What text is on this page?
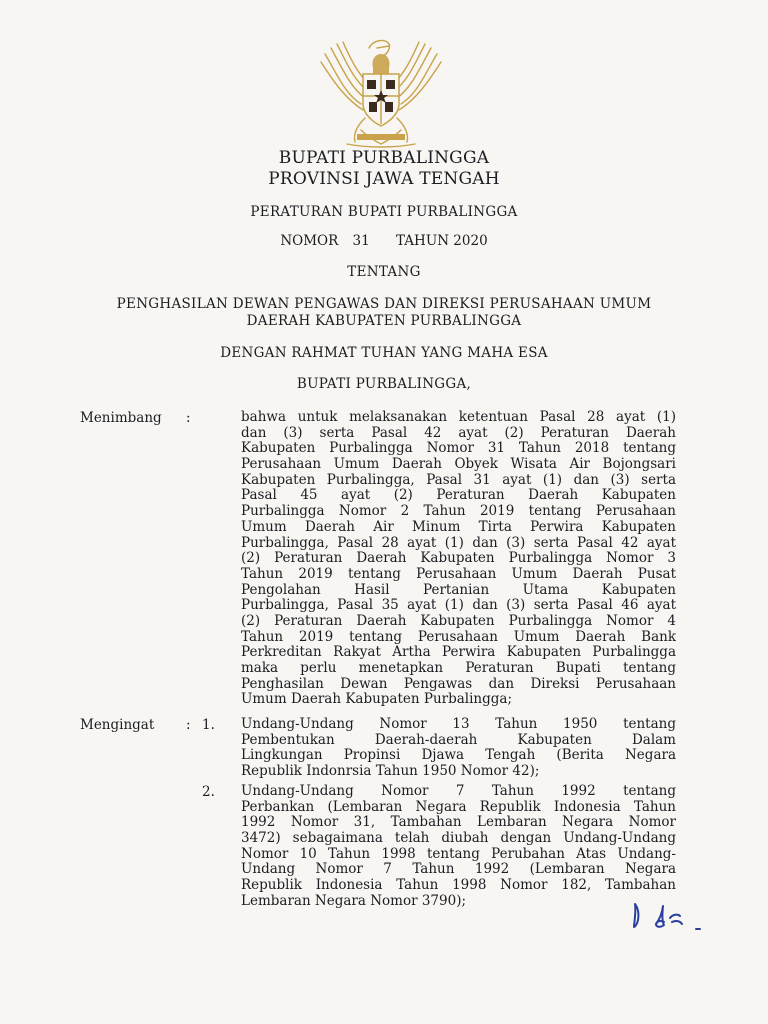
BUPATI PURBALINGGA
PROVINSI JAWA TENGAH
PERATURAN BUPATI PURBALINGGA
NOMOR 31 TAHUN 2020
TENTANG
PENGHASILAN DEWAN PENGAWAS DAN DIREKSI PERUSAHAAN UMUM
DAERAH KABUPATEN PURBALINGGA
DENGAN RAHMAT TUHAN YANG MAHA ESA
BUPATI PURBALINGGA,
Menimbang :	bahwa untuk melaksanakan ketentuan Pasal 28 ayat (1)
dan (3) serta Pasal 42 ayat (2) Peraturan Daerah
Kabupaten Purbalingga Nomor 31 Tahun 2018 tentang
Perusahaan Umum Daerah Obyek Wisata Air Bojongsari
Kabupaten Purbalingga, Pasal 31 ayat (1) dan (3) serta
Pasal 45 ayat (2) Peraturan Daerah Kabupaten
Purbalingga Nomor 2 Tahun 2019 tentang Perusahaan
Umum Daerah Air Minum Tirta Perwira Kabupaten
Purbalingga, Pasal 28 ayat (1) dan (3) serta Pasal 42 ayat
(2) Peraturan Daerah Kabupaten Purbalingga Nomor 3
Tahun 2019 tentang Perusahaan Umum Daerah Pusat
Pengolahan Hasil Pertanian Utama Kabupaten
Purbalingga, Pasal 35 ayat (1) dan (3) serta Pasal 46 ayat
(2) Peraturan Daerah Kabupaten Purbalingga Nomor 4
Tahun 2019 tentang Perusahaan Umum Daerah Bank
Perkreditan Rakyat Artha Perwira Kabupaten Purbalingga
maka perlu menetapkan Peraturan Bupati tentang
Penghasilan Dewan Pengawas dan Direksi Perusahaan
Umum Daerah Kabupaten Purbalingga;
Mengingat : 1. Undang-Undang Nomor 13 Tahun 1950 tentang
Pembentukan Daerah-daerah Kabupaten Dalam
Lingkungan Propinsi Djawa Tengah (Berita Negara
Republik Indonrsia Tahun 1950 Nomor 42);
2. Undang-Undang Nomor 7 Tahun 1992 tentang
Perbankan (Lembaran Negara Republik Indonesia Tahun
1992 Nomor 31, Tambahan Lembaran Negara Nomor
3472) sebagaimana telah diubah dengan Undang-Undang
Nomor 10 Tahun 1998 tentang Perubahan Atas Undang-
Undang Nomor 7 Tahun 1992 (Lembaran Negara
Republik Indonesia Tahun 1998 Nomor 182, Tambahan
Lembaran Negara Nomor 3790);
